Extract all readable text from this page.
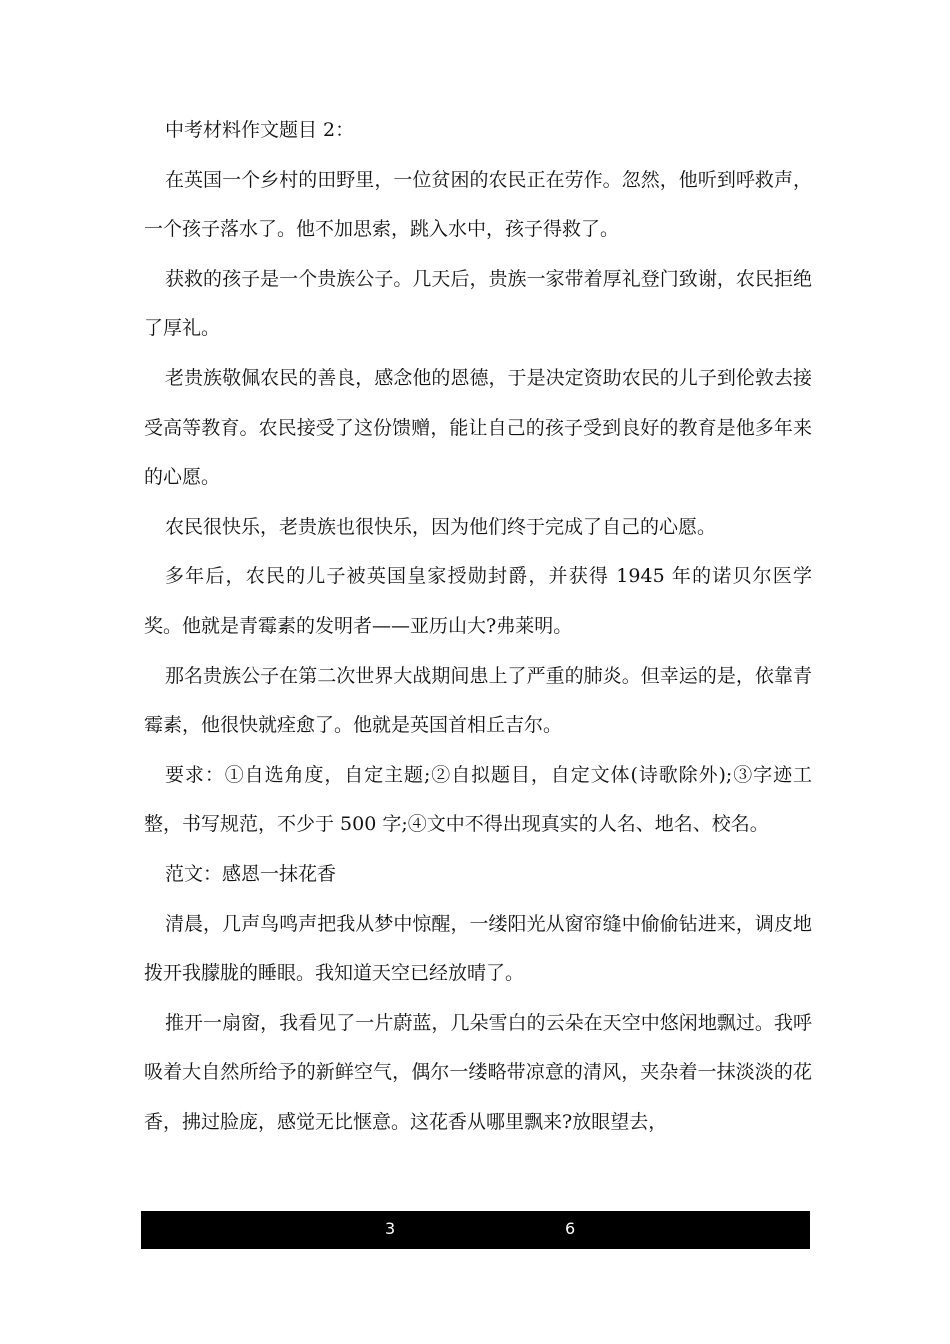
中考材料作文题目 2：

在英国一个乡村的田野里，一位贫困的农民正在劳作。忽然，他听到呼救声，一个孩子落水了。他不加思索，跳入水中，孩子得救了。

获救的孩子是一个贵族公子。几天后，贵族一家带着厚礼登门致谢，农民拒绝了厚礼。

老贵族敬佩农民的善良，感念他的恩德，于是决定资助农民的儿子到伦敦去接受高等教育。农民接受了这份馈赠，能让自己的孩子受到良好的教育是他多年来的心愿。

农民很快乐，老贵族也很快乐，因为他们终于完成了自己的心愿。

多年后，农民的儿子被英国皇家授勋封爵，并获得 1945 年的诺贝尔医学奖。他就是青霉素的发明者——亚历山大?弗莱明。

那名贵族公子在第二次世界大战期间患上了严重的肺炎。但幸运的是，依靠青霉素，他很快就痊愈了。他就是英国首相丘吉尔。

要求：①自选角度，自定主题;②自拟题目，自定文体(诗歌除外);③字迹工整，书写规范，不少于 500 字;④文中不得出现真实的人名、地名、校名。

范文：感恩一抹花香

清晨，几声鸟鸣声把我从梦中惊醒，一缕阳光从窗帘缝中偷偷钻进来，调皮地拨开我朦胧的睡眼。我知道天空已经放晴了。

推开一扇窗，我看见了一片蔚蓝，几朵雪白的云朵在天空中悠闲地飘过。我呼吸着大自然所给予的新鲜空气，偶尔一缕略带凉意的清风，夹杂着一抹淡淡的花香，拂过脸庞，感觉无比惬意。这花香从哪里飘来?放眼望去，

3	6
